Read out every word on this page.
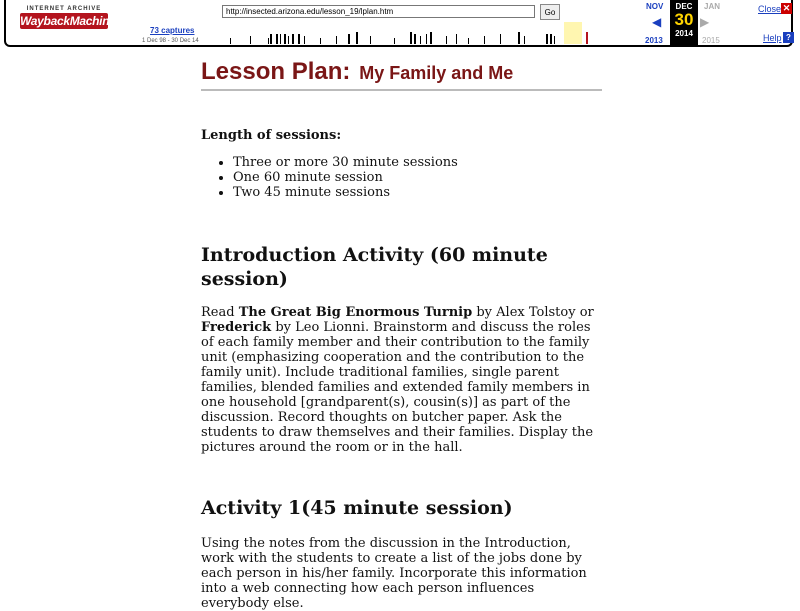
INTERNET ARCHIVE
WaybackMachine
http://insected.arizona.edu/lesson_19/lplan.htm
Go
73 captures
1 Dec 98 - 30 Dec 14
NOV
◀
2013
DEC
30
2014
JAN
▶
2015
Close ✕
Help ?
Lesson Plan: My Family and Me
Length of sessions:
• Three or more 30 minute sessions
• One 60 minute session
• Two 45 minute sessions
Introduction Activity (60 minute session)

Read The Great Big Enormous Turnip by Alex Tolstoy or Frederick by Leo Lionni. Brainstorm and discuss the roles of each family member and their contribution to the family unit (emphasizing cooperation and the contribution to the family unit). Include traditional families, single parent families, blended families and extended family members in one household [grandparent(s), cousin(s)] as part of the discussion. Record thoughts on butcher paper. Ask the students to draw themselves and their families. Display the pictures around the room or in the hall.

Activity 1(45 minute session)

Using the notes from the discussion in the Introduction, work with the students to create a list of the jobs done by each person in his/her family. Incorporate this information into a web connecting how each person influences everybody else.
